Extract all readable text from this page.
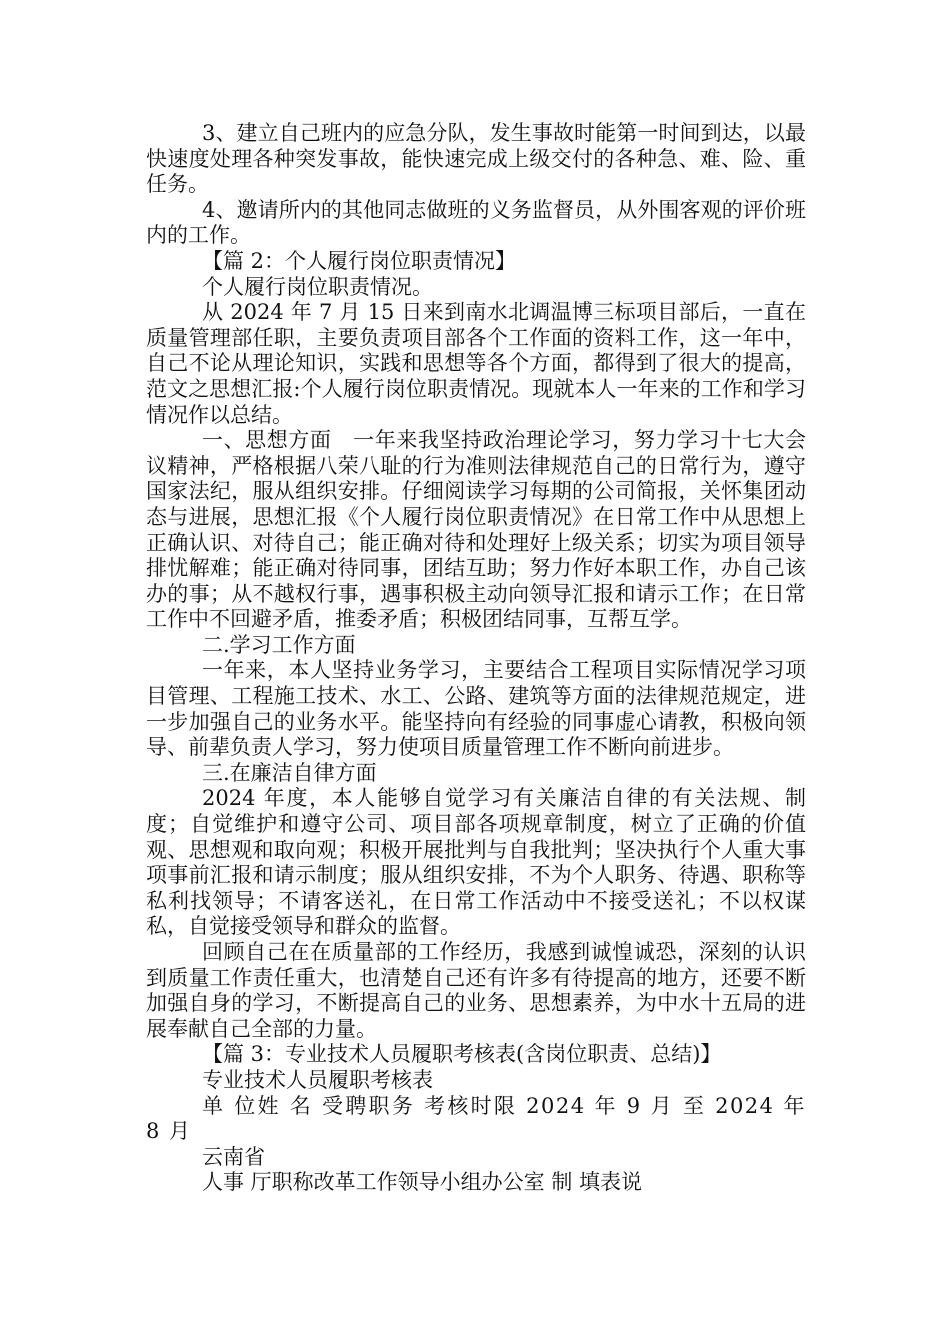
3、建立自己班内的应急分队，发生事故时能第一时间到达，以最快速度处理各种突发事故，能快速完成上级交付的各种急、难、险、重任务。

4、邀请所内的其他同志做班的义务监督员，从外围客观的评价班内的工作。

【篇 2：个人履行岗位职责情况】

个人履行岗位职责情况。

从 2024 年 7 月 15 日来到南水北调温博三标项目部后，一直在质量管理部任职，主要负责项目部各个工作面的资料工作，这一年中，自己不论从理论知识，实践和思想等各个方面，都得到了很大的提高，范文之思想汇报:个人履行岗位职责情况。现就本人一年来的工作和学习情况作以总结。

一、思想方面　一年来我坚持政治理论学习，努力学习十七大会议精神，严格根据八荣八耻的行为准则法律规范自己的日常行为，遵守国家法纪，服从组织安排。仔细阅读学习每期的公司简报，关怀集团动态与进展，思想汇报《个人履行岗位职责情况》在日常工作中从思想上正确认识、对待自己；能正确对待和处理好上级关系；切实为项目领导排忧解难；能正确对待同事，团结互助；努力作好本职工作，办自己该办的事；从不越权行事，遇事积极主动向领导汇报和请示工作；在日常工作中不回避矛盾，推委矛盾；积极团结同事，互帮互学。

二.学习工作方面

一年来，本人坚持业务学习，主要结合工程项目实际情况学习项目管理、工程施工技术、水工、公路、建筑等方面的法律规范规定，进一步加强自己的业务水平。能坚持向有经验的同事虚心请教，积极向领导、前辈负责人学习，努力使项目质量管理工作不断向前进步。

三.在廉洁自律方面

2024 年度，本人能够自觉学习有关廉洁自律的有关法规、制度；自觉维护和遵守公司、项目部各项规章制度，树立了正确的价值观、思想观和取向观；积极开展批判与自我批判；坚决执行个人重大事项事前汇报和请示制度；服从组织安排，不为个人职务、待遇、职称等私利找领导；不请客送礼，在日常工作活动中不接受送礼；不以权谋私，自觉接受领导和群众的监督。

回顾自己在在质量部的工作经历，我感到诚惶诚恐，深刻的认识到质量工作责任重大，也清楚自己还有许多有待提高的地方，还要不断加强自身的学习，不断提高自己的业务、思想素养，为中水十五局的进展奉献自己全部的力量。

【篇 3：专业技术人员履职考核表(含岗位职责、总结)】

专业技术人员履职考核表

单 位姓 名 受聘职务 考核时限 2024 年 9 月 至 2024 年 8 月

云南省

人事 厅职称改革工作领导小组办公室 制 填表说
